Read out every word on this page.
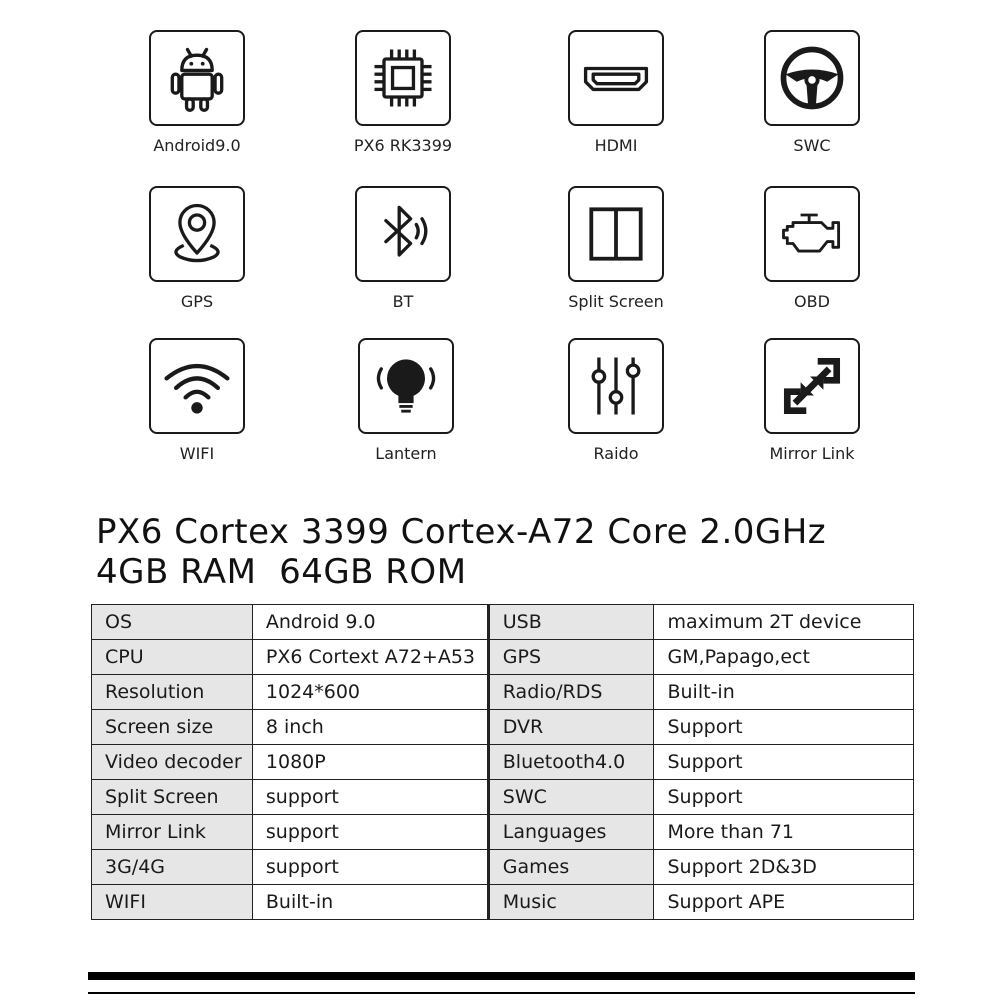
Android9.0	PX6 RK3399	HDMI	SWC
GPS	BT	Split Screen	OBD
WIFI	Lantern	Raido	Mirror Link
PX6 Cortex 3399 Cortex-A72 Core 2.0GHz
4GB RAM  64GB ROM
OS	Android 9.0	USB	maximum 2T device
CPU	PX6 Cortext A72+A53	GPS	GM,Papago,ect
Resolution	1024*600	Radio/RDS	Built-in
Screen size	8 inch	DVR	Support
Video decoder	1080P	Bluetooth4.0	Support
Split Screen	support	SWC	Support
Mirror Link	support	Languages	More than 71
3G/4G	support	Games	Support 2D&3D
WIFI	Built-in	Music	Support APE
